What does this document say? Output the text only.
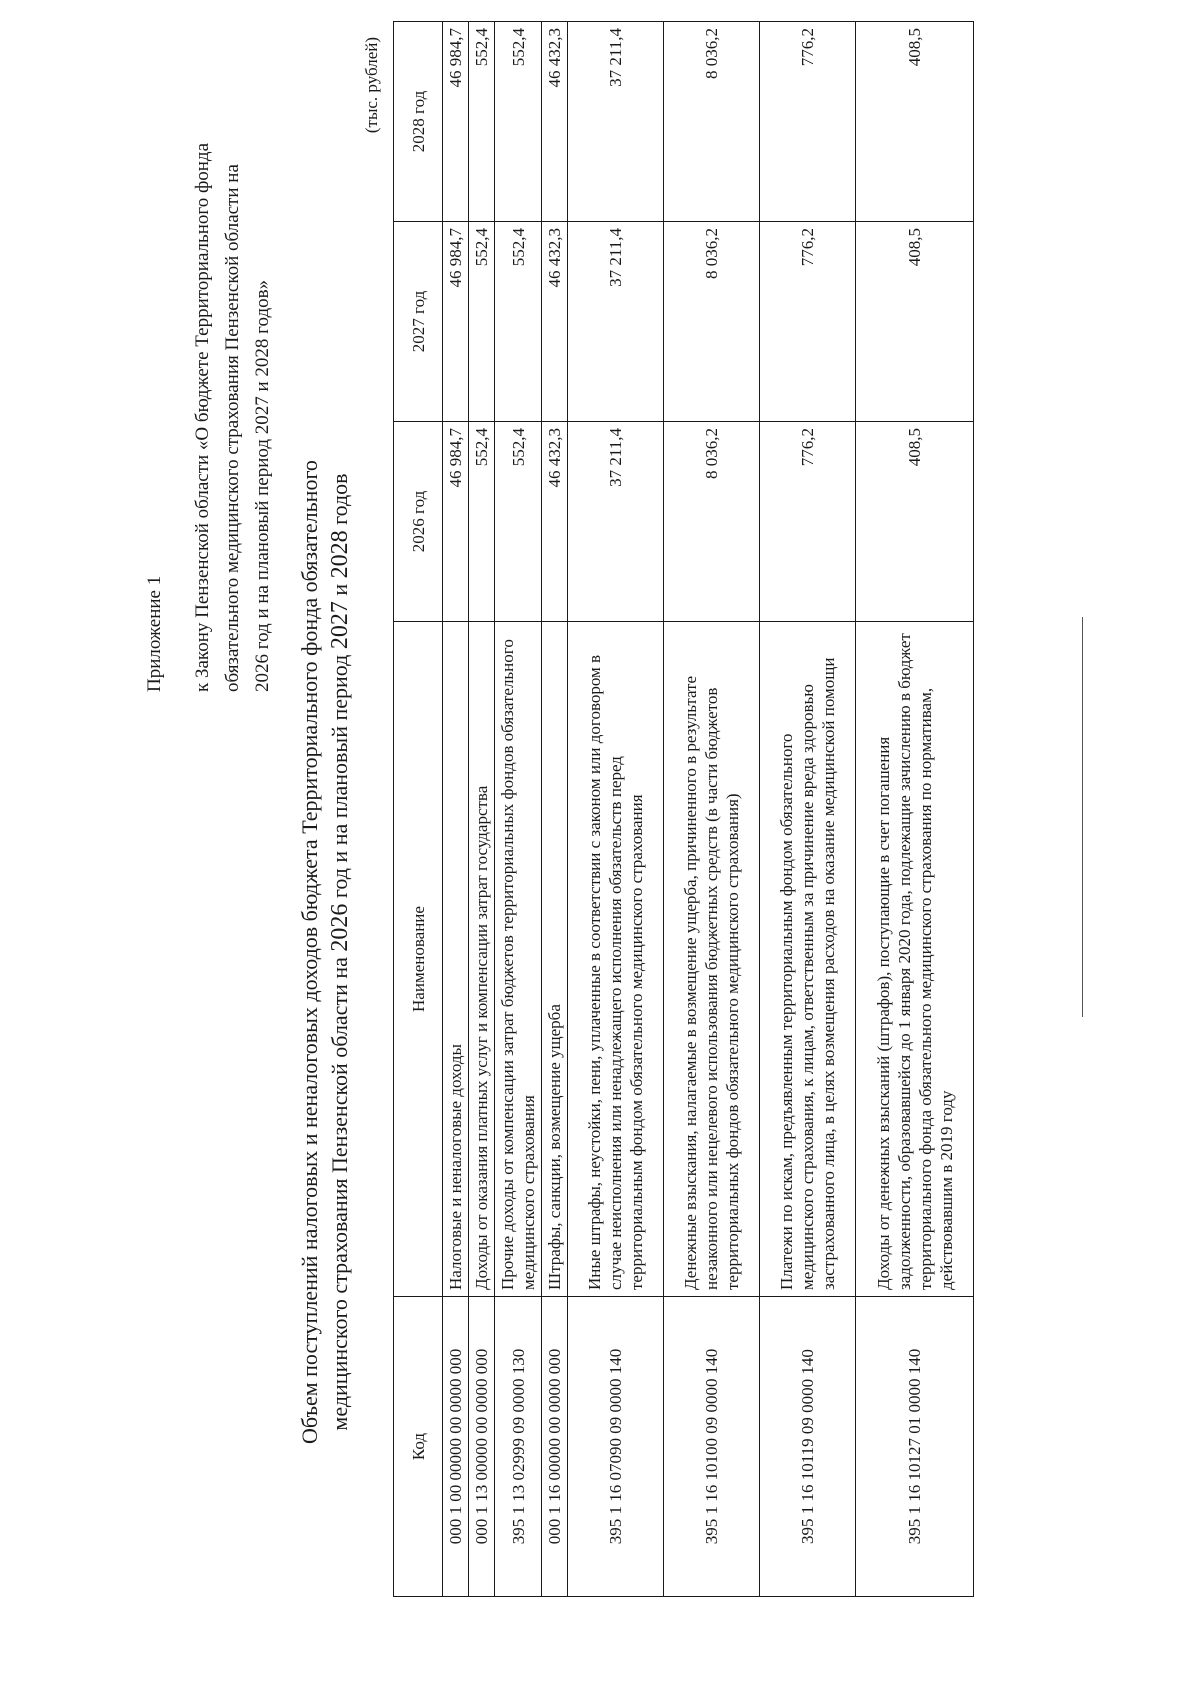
Приложение 1 к Закону Пензенской области «О бюджете Территориального фонда обязательного медицинского страхования Пензенской области на 2026 год и на плановый период 2027 и 2028 годов» Объем поступлений налоговых и неналоговых доходов бюджета Территориального фонда обязательного медицинского страхования Пензенской области на 2026 год и на плановый период 2027 и 2028 годов
(тыс. рублей)
Код	Наименование	2026 год	2027 год	2028 год
000 1 00 00000 00 0000 000	Налоговые и неналоговые доходы	46 984,7	46 984,7	46 984,7
000 1 13 00000 00 0000 000	Доходы от оказания платных услуг и компенсации затрат государства	552,4	552,4	552,4
395 1 13 02999 09 0000 130	Прочие доходы от компенсации затрат бюджетов территориальных фондов обязательного медицинского страхования	552,4	552,4	552,4
000 1 16 00000 00 0000 000	Штрафы, санкции, возмещение ущерба	46 432,3	46 432,3	46 432,3
395 1 16 07090 09 0000 140	Иные штрафы, неустойки, пени, уплаченные в соответствии с законом или договором в случае неисполнения или ненадлежащего исполнения обязательств перед территориальным фондом обязательного медицинского страхования	37 211,4	37 211,4	37 211,4
395 1 16 10100 09 0000 140	Денежные взыскания, налагаемые в возмещение ущерба, причиненного в результате незаконного или нецелевого использования бюджетных средств (в части бюджетов территориальных фондов обязательного медицинского страхования)	8 036,2	8 036,2	8 036,2
395 1 16 10119 09 0000 140	Платежи по искам, предъявленным территориальным фондом обязательного медицинского страхования, к лицам, ответственным за причинение вреда здоровью застрахованного лица, в целях возмещения расходов на оказание медицинской помощи	776,2	776,2	776,2
395 1 16 10127 01 0000 140	Доходы от денежных взысканий (штрафов), поступающие в счет погашения задолженности, образовавшейся до 1 января 2020 года, подлежащие зачислению в бюджет территориального фонда обязательного медицинского страхования по нормативам, действовавшим в 2019 году	408,5	408,5	408,5
